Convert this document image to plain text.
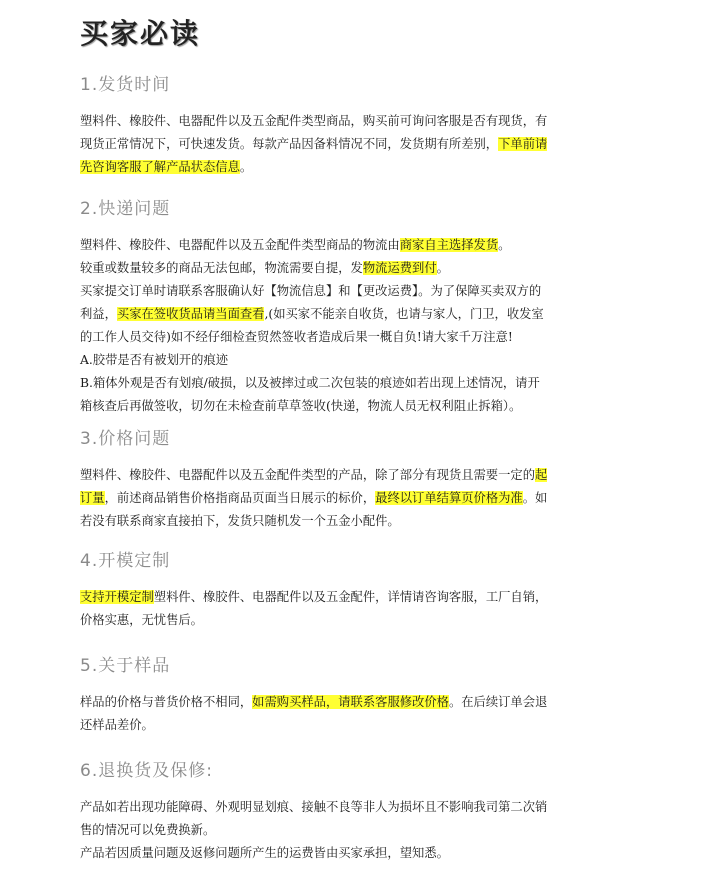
买家必读
1.发货时间
塑料件、橡胶件、电器配件以及五金配件类型商品，购买前可询问客服是否有现货，有
现货正常情况下，可快速发货。每款产品因备料情况不同，发货期有所差别，下单前请
先咨询客服了解产品状态信息。
2.快递问题
塑料件、橡胶件、电器配件以及五金配件类型商品的物流由商家自主选择发货。
较重或数量较多的商品无法包邮，物流需要自提，发物流运费到付。
买家提交订单时请联系客服确认好【物流信息】和【更改运费】。为了保障买卖双方的
利益，买家在签收货品请当面查看,(如买家不能亲自收货，也请与家人，门卫，收发室
的工作人员交待)如不经仔细检查贸然签收者造成后果一概自负!请大家千万注意!
A.胶带是否有被划开的痕迹
B.箱体外观是否有划痕/破损，以及被摔过或二次包装的痕迹如若出现上述情况，请开
箱核查后再做签收，切勿在未检查前草草签收(快递，物流人员无权利阻止拆箱）。
3.价格问题
塑料件、橡胶件、电器配件以及五金配件类型的产品，除了部分有现货且需要一定的起
订量，前述商品销售价格指商品页面当日展示的标价，最终以订单结算页价格为准。如
若没有联系商家直接拍下，发货只随机发一个五金小配件。
4.开模定制
支持开模定制塑料件、橡胶件、电器配件以及五金配件，详情请咨询客服，工厂自销，
价格实惠，无忧售后。
5.关于样品
样品的价格与普货价格不相同，如需购买样品，请联系客服修改价格。在后续订单会退
还样品差价。
6.退换货及保修:
产品如若出现功能障碍、外观明显划痕、接触不良等非人为损坏且不影响我司第二次销
售的情况可以免费换新。
产品若因质量问题及返修问题所产生的运费皆由买家承担，望知悉。
